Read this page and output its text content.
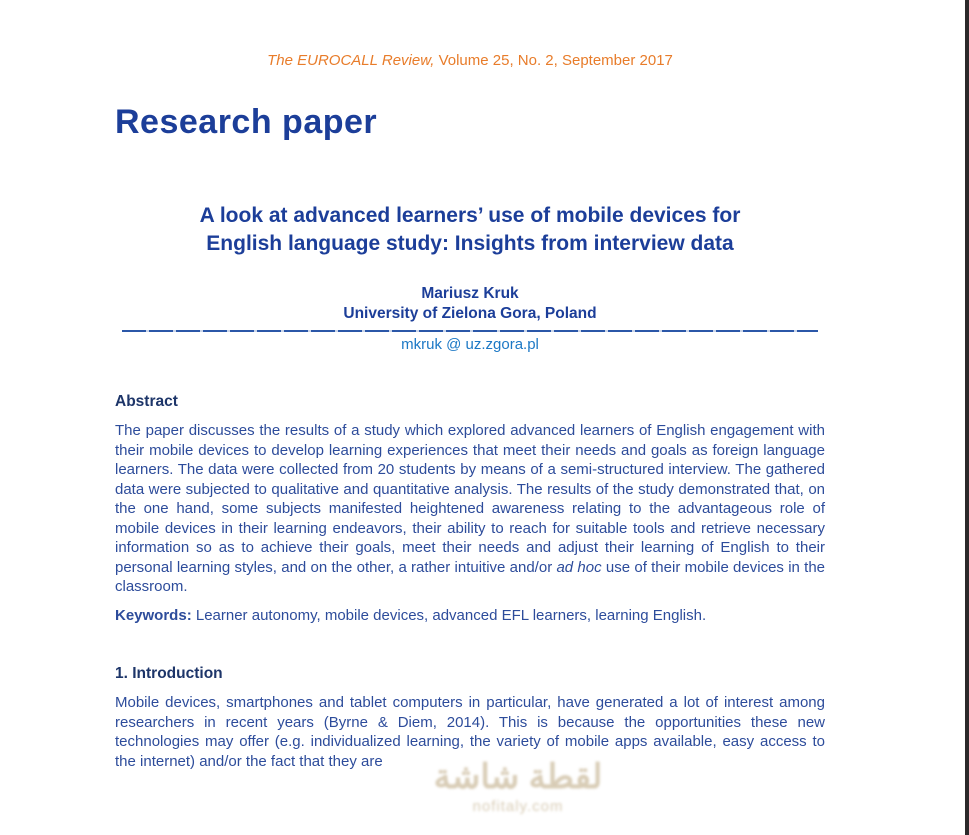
لقطة شاشة
nofitaly.com
The EUROCALL Review, Volume 25, No. 2, September 2017
Research paper
A look at advanced learners’ use of mobile devices for
English language study: Insights from interview data
Mariusz Kruk
University of Zielona Gora, Poland
mkruk @ uz.zgora.pl
Abstract
The paper discusses the results of a study which explored advanced learners of English engagement with their mobile devices to develop learning experiences that meet their needs and goals as foreign language learners. The data were collected from 20 students by means of a semi-structured interview. The gathered data were subjected to qualitative and quantitative analysis. The results of the study demonstrated that, on the one hand, some subjects manifested heightened awareness relating to the advantageous role of mobile devices in their learning endeavors, their ability to reach for suitable tools and retrieve necessary information so as to achieve their goals, meet their needs and adjust their learning of English to their personal learning styles, and on the other, a rather intuitive and/or ad hoc use of their mobile devices in the classroom.
Keywords: Learner autonomy, mobile devices, advanced EFL learners, learning English.
1. Introduction
Mobile devices, smartphones and tablet computers in particular, have generated a lot of interest among researchers in recent years (Byrne & Diem, 2014). This is because the opportunities these new technologies may offer (e.g. individualized learning, the variety of mobile apps available, easy access to the internet) and/or the fact that they are
